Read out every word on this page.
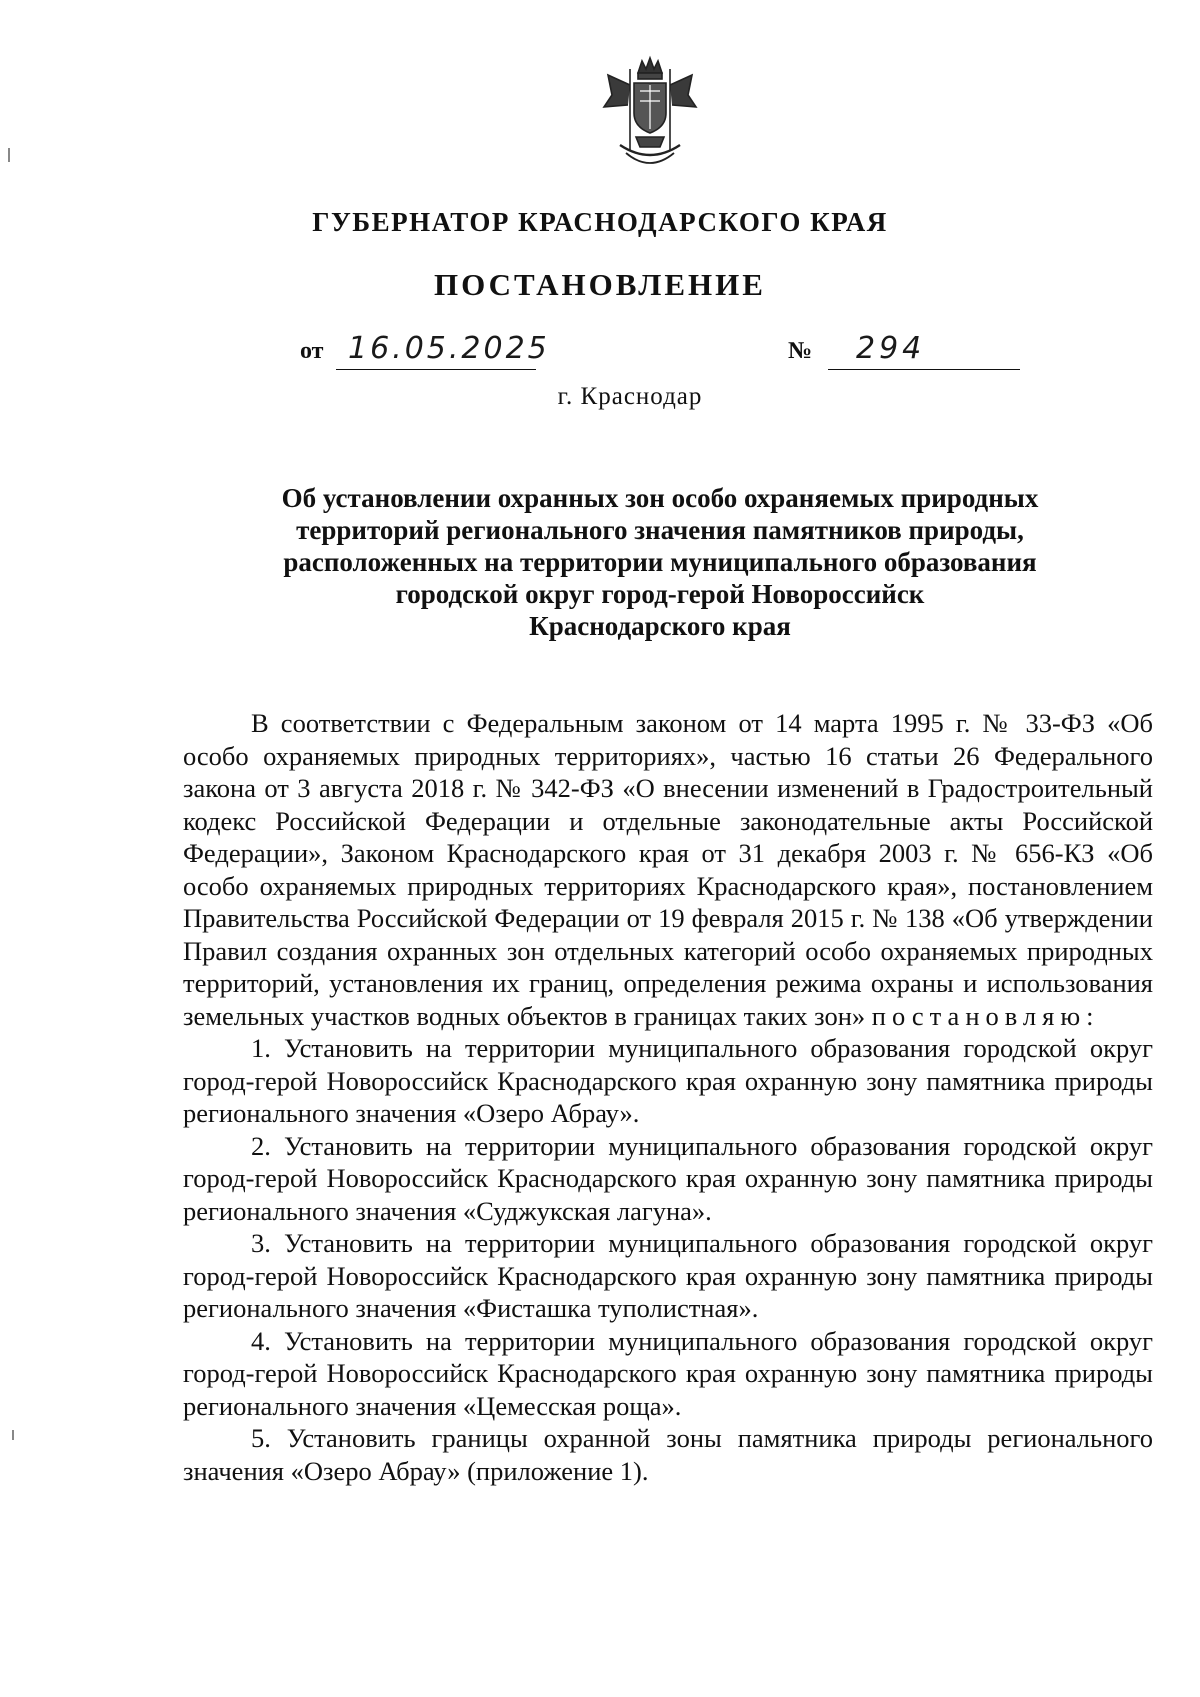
ГУБЕРНАТОР КРАСНОДАРСКОГО КРАЯ
ПОСТАНОВЛЕНИЕ
от 16.05.2025	№ 294
г. Краснодар
Об установлении охранных зон особо охраняемых природных
территорий регионального значения памятников природы,
расположенных на территории муниципального образования
городской округ город-герой Новороссийск
Краснодарского края

В соответствии с Федеральным законом от 14 марта 1995 г. № 33-ФЗ «Об особо охраняемых природных территориях», частью 16 статьи 26 Федерального закона от 3 августа 2018 г. № 342-ФЗ «О внесении изменений в Градостроительный кодекс Российской Федерации и отдельные законодательные акты Российской Федерации», Законом Краснодарского края от 31 декабря 2003 г. № 656-КЗ «Об особо охраняемых природных территориях Краснодарского края», постановлением Правительства Российской Федерации от 19 февраля 2015 г. № 138 «Об утверждении Правил создания охранных зон отдельных категорий особо охраняемых природных территорий, установления их границ, определения режима охраны и использования земельных участков водных объектов в границах таких зон» постановляю:

1. Установить на территории муниципального образования городской округ город-герой Новороссийск Краснодарского края охранную зону памятника природы регионального значения «Озеро Абрау».

2. Установить на территории муниципального образования городской округ город-герой Новороссийск Краснодарского края охранную зону памятника природы регионального значения «Суджукская лагуна».

3. Установить на территории муниципального образования городской округ город-герой Новороссийск Краснодарского края охранную зону памятника природы регионального значения «Фисташка туполистная».

4. Установить на территории муниципального образования городской округ город-герой Новороссийск Краснодарского края охранную зону памятника природы регионального значения «Цемесская роща».

5. Установить границы охранной зоны памятника природы регионального значения «Озеро Абрау» (приложение 1).
